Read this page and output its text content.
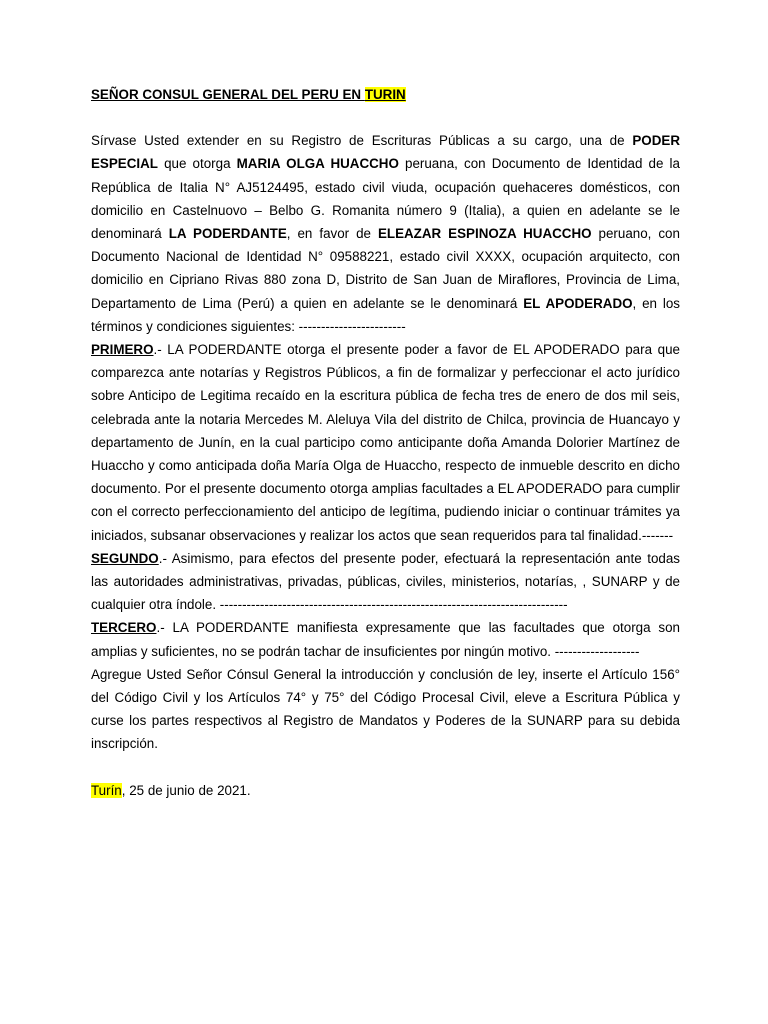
SEÑOR CONSUL GENERAL DEL PERU EN TURIN

Sírvase Usted extender en su Registro de Escrituras Públicas a su cargo, una de PODER ESPECIAL que otorga MARIA OLGA HUACCHO peruana, con Documento de Identidad de la República de Italia N° AJ5124495, estado civil viuda, ocupación quehaceres domésticos, con domicilio en Castelnuovo – Belbo G. Romanita número 9 (Italia), a quien en adelante se le denominará LA PODERDANTE, en favor de ELEAZAR ESPINOZA HUACCHO peruano, con Documento Nacional de Identidad N° 09588221, estado civil XXXX, ocupación arquitecto, con domicilio en Cipriano Rivas 880 zona D, Distrito de San Juan de Miraflores, Provincia de Lima, Departamento de Lima (Perú) a quien en adelante se le denominará EL APODERADO, en los términos y condiciones siguientes: ------------------------

PRIMERO.- LA PODERDANTE otorga el presente poder a favor de EL APODERADO para que comparezca ante notarías y Registros Públicos, a fin de formalizar y perfeccionar el acto jurídico sobre Anticipo de Legitima recaído en la escritura pública de fecha tres de enero de dos mil seis, celebrada ante la notaria Mercedes M. Aleluya Vila del distrito de Chilca, provincia de Huancayo y departamento de Junín, en la cual participo como anticipante doña Amanda Dolorier Martínez de Huaccho y como anticipada doña María Olga de Huaccho, respecto de inmueble descrito en dicho documento. Por el presente documento otorga amplias facultades a EL APODERADO para cumplir con el correcto perfeccionamiento del anticipo de legítima, pudiendo iniciar o continuar trámites ya iniciados, subsanar observaciones y realizar los actos que sean requeridos para tal finalidad.-------

SEGUNDO.- Asimismo, para efectos del presente poder, efectuará la representación ante todas las autoridades administrativas, privadas, públicas, civiles, ministerios, notarías, , SUNARP y de cualquier otra índole. ------------------------------------------------------------------------------

TERCERO.- LA PODERDANTE manifiesta expresamente que las facultades que otorga son amplias y suficientes, no se podrán tachar de insuficientes por ningún motivo. -------------------

Agregue Usted Señor Cónsul General la introducción y conclusión de ley, inserte el Artículo 156° del Código Civil y los Artículos 74° y 75° del Código Procesal Civil, eleve a Escritura Pública y curse los partes respectivos al Registro de Mandatos y Poderes de la SUNARP para su debida inscripción.

Turín, 25 de junio de 2021.
